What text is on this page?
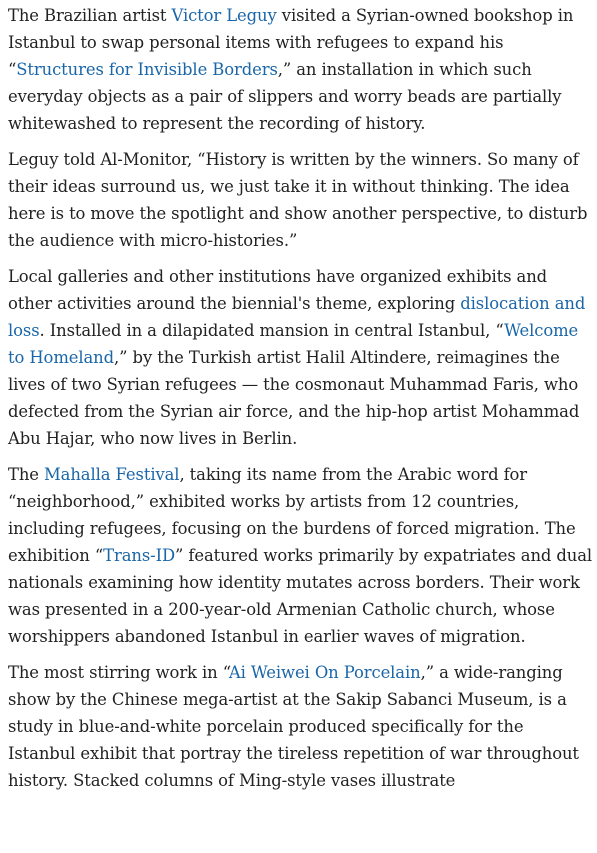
The Brazilian artist Victor Leguy visited a Syrian-owned bookshop in Istanbul to swap personal items with refugees to expand his “Structures for Invisible Borders,” an installation in which such everyday objects as a pair of slippers and worry beads are partially whitewashed to represent the recording of history.

Leguy told Al-Monitor, “History is written by the winners. So many of their ideas surround us, we just take it in without thinking. The idea here is to move the spotlight and show another perspective, to disturb the audience with micro-histories.”

Local galleries and other institutions have organized exhibits and other activities around the biennial's theme, exploring dislocation and loss. Installed in a dilapidated mansion in central Istanbul, “Welcome to Homeland,” by the Turkish artist Halil Altindere, reimagines the lives of two Syrian refugees — the cosmonaut Muhammad Faris, who defected from the Syrian air force, and the hip-hop artist Mohammad Abu Hajar, who now lives in Berlin.

The Mahalla Festival, taking its name from the Arabic word for “neighborhood,” exhibited works by artists from 12 countries, including refugees, focusing on the burdens of forced migration. The exhibition “Trans-ID” featured works primarily by expatriates and dual nationals examining how identity mutates across borders. Their work was presented in a 200-year-old Armenian Catholic church, whose worshippers abandoned Istanbul in earlier waves of migration.

The most stirring work in “Ai Weiwei On Porcelain,” a wide-ranging show by the Chinese mega-artist at the Sakip Sabanci Museum, is a study in blue-and-white porcelain produced specifically for the Istanbul exhibit that portray the tireless repetition of war throughout history. Stacked columns of Ming-style vases illustrate
